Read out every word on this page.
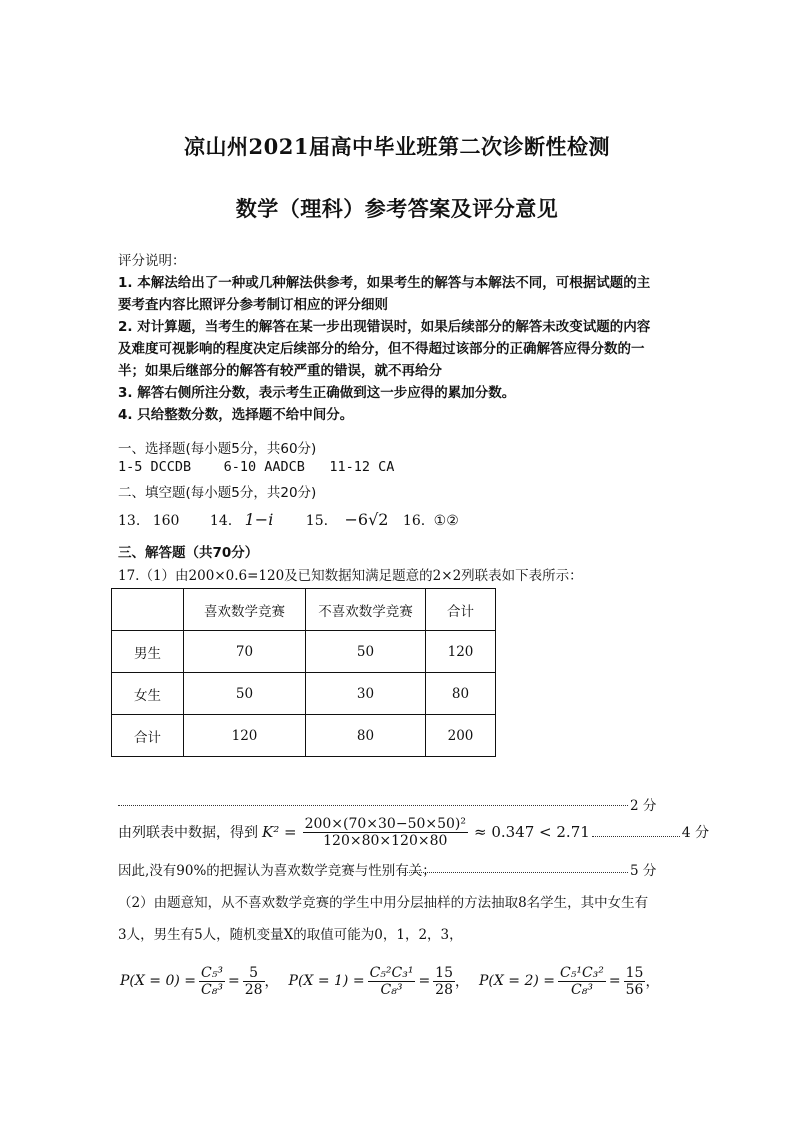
凉山州2021届高中毕业班第二次诊断性检测
数学（理科）参考答案及评分意见
评分说明：
1. 本解法给出了一种或几种解法供参考，如果考生的解答与本解法不同，可根据试题的主
要考査内容比照评分参考制订相应的评分细则
2. 对计算题，当考生的解答在某一步出现错误时，如果后续部分的解答未改变试题的内容
及难度可视影响的程度决定后续部分的给分，但不得超过该部分的正确解答应得分数的一
半；如果后继部分的解答有较严重的错误，就不再给分
3. 解答右侧所注分数，表示考生正确做到这一步应得的累加分数。
4. 只给整数分数，选择题不给中间分。
一、选择题(每小题5分，共60分)
1-5 DCCDB    6-10 AADCB   11-12 CA
二、填空题(每小题5分，共20分)
13. 160 14. 1−i 15. −6√2 16. ①②
三、解答题（共70分）
17.（1）由200×0.6=120及已知数据知满足题意的2×2列联表如下表所示：
	喜欢数学竞赛	不喜欢数学竞赛	合计
男生	70	50	120
女生	50	30	80
合计	120	80	200
2 分
由列联表中数据，得到 $K^2 = \frac{\text{200×(70×30−50×50)²}}{120\times 80\times 120\times 80} \approx 0.347 < 2.71$	4 分
因此,没有90%的把握认为喜欢数学竞赛与性别有关；	5 分
（2）由题意知，从不喜欢数学竞赛的学生中用分层抽样的方法抽取8名学生，其中女生有
3人，男生有5人，随机变量X的取值可能为0，1，2，3，
$P(X = 0) = \frac{\text{C₅³}}{\text{C₈³}} = \frac{5}{28}$ ， $P(X = 1) = \frac{\text{C₅²C₃¹}}{\text{C₈³}} = \frac{15}{28}$ ， $P(X = 2) = \frac{\text{C₅¹C₃²}}{\text{C₈³}} = \frac{15}{56}$ ，
